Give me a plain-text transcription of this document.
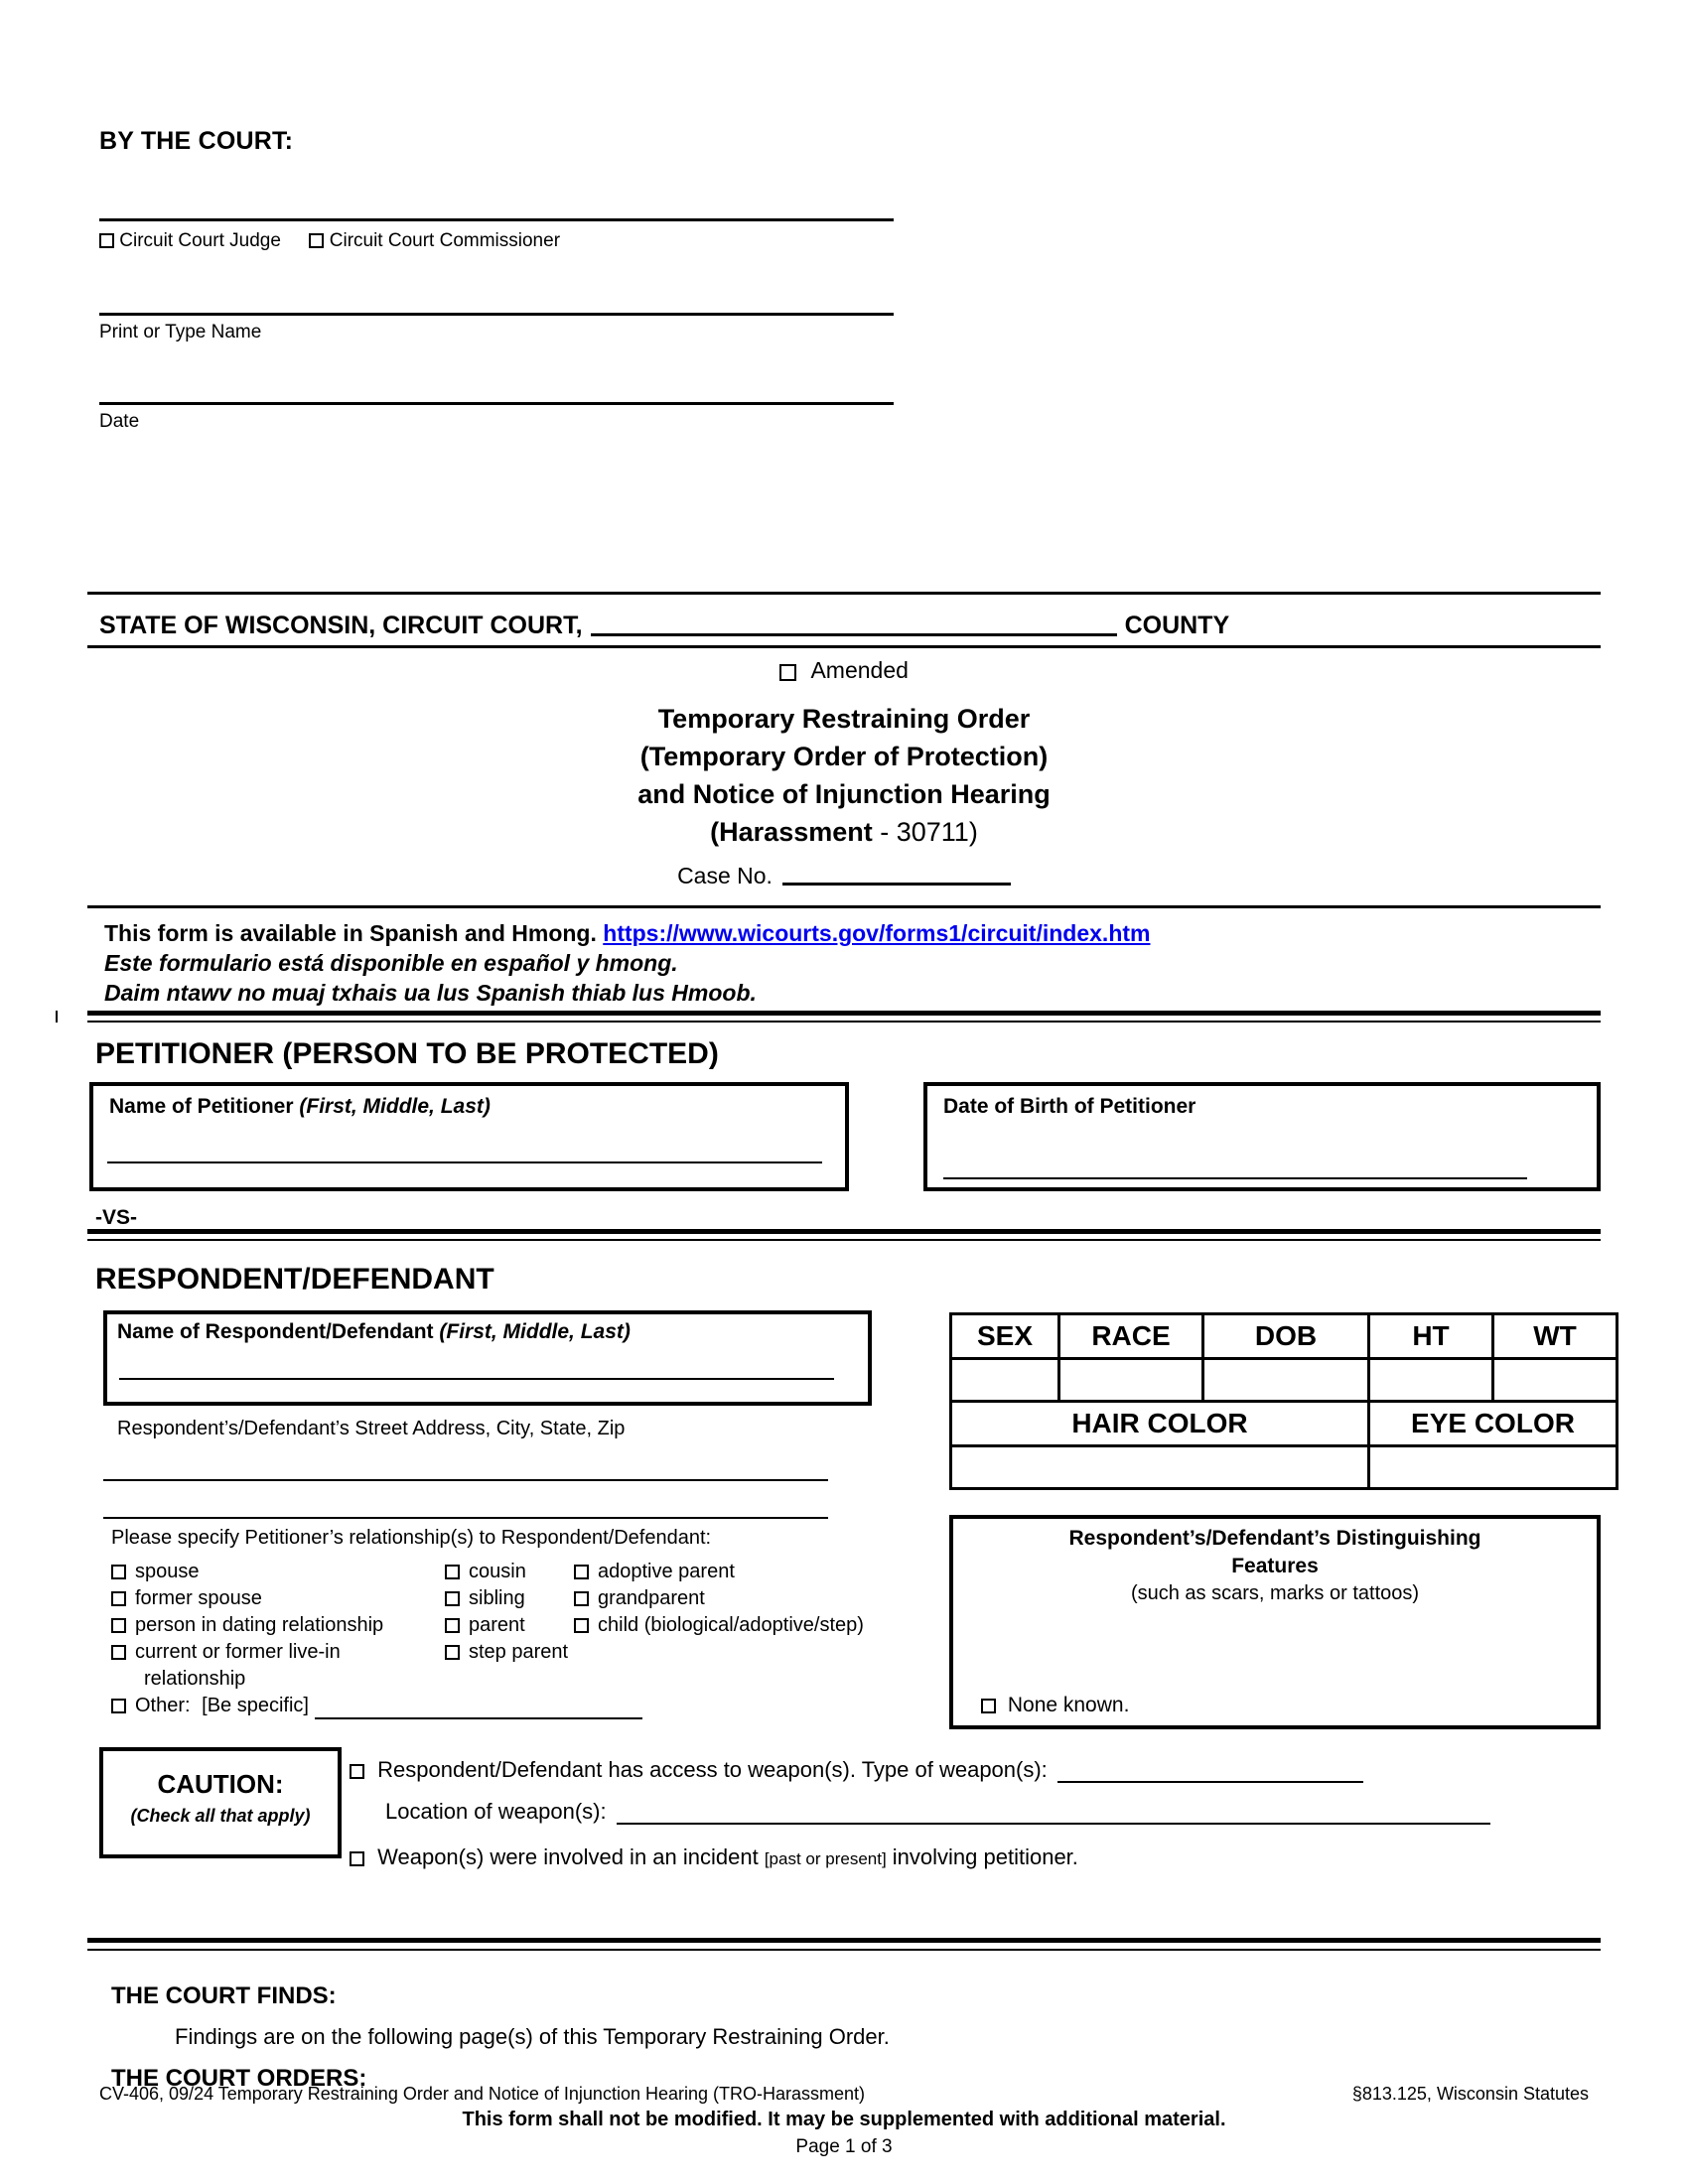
BY THE COURT:
Circuit Court Judge	Circuit Court Commissioner
Print or Type Name
Date
STATE OF WISCONSIN, CIRCUIT COURT,	COUNTY
Amended
Temporary Restraining Order
(Temporary Order of Protection)
and Notice of Injunction Hearing
(Harassment - 30711)
Case No.
This form is available in Spanish and Hmong. https://www.wicourts.gov/forms1/circuit/index.htm
Este formulario está disponible en español y hmong.
Daim ntawv no muaj txhais ua lus Spanish thiab lus Hmoob.
PETITIONER (PERSON TO BE PROTECTED)
Name of Petitioner (First, Middle, Last)	Date of Birth of Petitioner
-VS-
RESPONDENT/DEFENDANT
Name of Respondent/Defendant (First, Middle, Last)
Respondent’s/Defendant’s Street Address, City, State, Zip
Please specify Petitioner’s relationship(s) to Respondent/Defendant:
spouse
former spouse
person in dating relationship
current or former live-in
relationship
Other: [Be specific]
cousin
sibling
parent
step parent
adoptive parent
grandparent
child (biological/adoptive/step)
SEX	RACE	DOB	HT	WT

HAIR COLOR			EYE COLOR	

Respondent’s/Defendant’s Distinguishing
Features
(such as scars, marks or tattoos)
None known.
CAUTION:
(Check all that apply)
Respondent/Defendant has access to weapon(s). Type of weapon(s):
Location of weapon(s):
Weapon(s) were involved in an incident [past or present] involving petitioner.
THE COURT FINDS:
Findings are on the following page(s) of this Temporary Restraining Order.
THE COURT ORDERS:
CV-406, 09/24 Temporary Restraining Order and Notice of Injunction Hearing (TRO-Harassment)	§813.125, Wisconsin Statutes
This form shall not be modified. It may be supplemented with additional material.
Page 1 of 3
